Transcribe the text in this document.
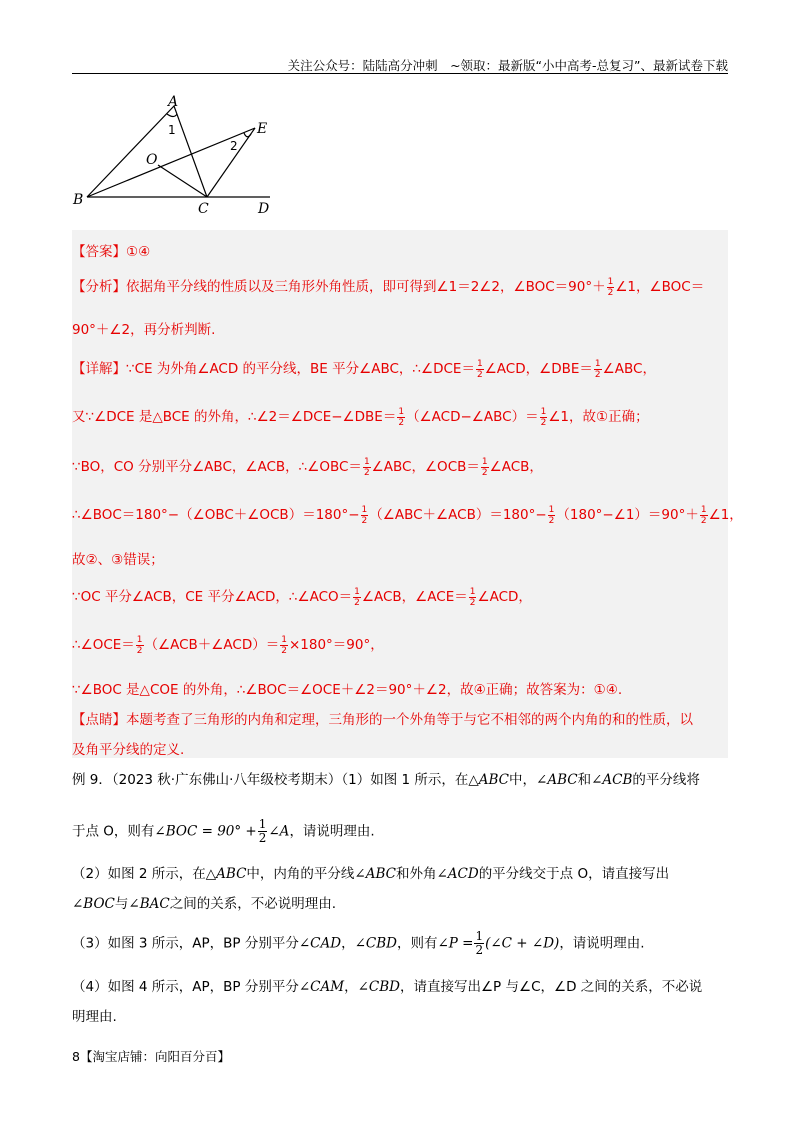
关注公众号：陆陆高分冲刺　~领取：最新版“小中高考-总复习”、最新试卷下载
A
B
C	D
E
O
1
2
【答案】①④
【分析】依据角平分线的性质以及三角形外角性质，即可得到∠1＝2∠2，∠BOC＝90°＋ $\frac{1}{2}$ ∠1，∠BOC＝
90°＋∠2，再分析判断.
【详解】∵CE 为外角∠ACD 的平分线，BE 平分∠ABC，∴∠DCE＝ $\frac{1}{2}$ ∠ACD，∠DBE＝ $\frac{1}{2}$ ∠ABC，
又∵∠DCE 是△BCE 的外角，∴∠2＝∠DCE−∠DBE＝ $\frac{1}{2}$ （∠ACD−∠ABC）＝ $\frac{1}{2}$ ∠1，故①正确；
∵BO，CO 分别平分∠ABC，∠ACB，∴∠OBC＝ $\frac{1}{2}$ ∠ABC，∠OCB＝ $\frac{1}{2}$ ∠ACB，
∴∠BOC＝180°−（∠OBC＋∠OCB）＝180°− $\frac{1}{2}$ （∠ABC＋∠ACB）＝180°− $\frac{1}{2}$ （180°−∠1）＝90°＋ $\frac{1}{2}$ ∠1，
故②、③错误；
∵OC 平分∠ACB，CE 平分∠ACD，∴∠ACO＝ $\frac{1}{2}$ ∠ACB，∠ACE＝ $\frac{1}{2}$ ∠ACD，
∴∠OCE＝ $\frac{1}{2}$ （∠ACB＋∠ACD）＝ $\frac{1}{2} \times 180^\circ=90^\circ$，
∵∠BOC 是△COE 的外角，∴∠BOC＝∠OCE＋∠2＝90°＋∠2，故④正确；故答案为：①④.
【点睛】本题考查了三角形的内角和定理，三角形的一个外角等于与它不相邻的两个内角的和的性质，以
及角平分线的定义.
例 9．（2023 秋·广东佛山·八年级校考期末）（1）如图 1 所示，在△ABC中，∠ABC和∠ACB的平分线将
于点 O，则有∠BOC = $90^\circ + \frac{1}{2}$ ∠A，请说明理由.
（2）如图 2 所示，在△ABC中，内角的平分线∠ABC和外角∠ACD的平分线交于点 O，请直接写出
∠BOC与∠BAC之间的关系，不必说明理由.
（3）如图 3 所示，AP，BP 分别平分∠CAD，∠CBD，则有∠P = $\frac{1}{2}$ (∠C + ∠D)，请说明理由.
（4）如图 4 所示，AP，BP 分别平分∠CAM，∠CBD，请直接写出∠P 与∠C，∠D 之间的关系，不必说
明理由.
8【淘宝店铺：向阳百分百】
